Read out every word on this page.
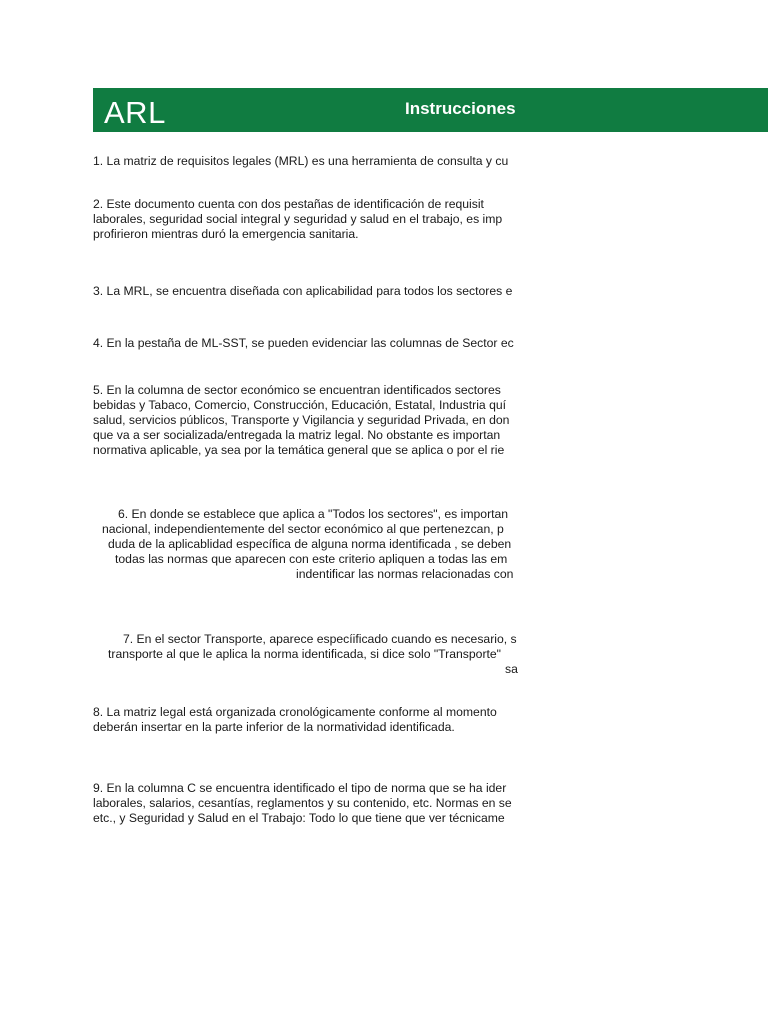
ARL	Instrucciones
1. La matriz de requisitos legales (MRL) es una herramienta de consulta y cu
2. Este documento cuenta con dos pestañas de identificación de requisit
laborales, seguridad social integral y seguridad y salud en el trabajo, es imp
profirieron mientras duró la emergencia sanitaria.
3. La MRL, se encuentra diseñada con aplicabilidad para todos los sectores e
4. En la pestaña de ML-SST, se pueden evidenciar las columnas de Sector ec
5. En la columna de sector económico se encuentran identificados sectores
bebidas y Tabaco, Comercio, Construcción, Educación, Estatal, Industria quí
salud, servicios públicos, Transporte y Vigilancia y seguridad Privada, en don
que va a ser socializada/entregada la matriz legal. No obstante es importan
normativa aplicable, ya sea por la temática general que se aplica o por el rie
6. En donde se establece que aplica a "Todos los sectores", es importan
nacional, independientemente del sector económico al que pertenezcan, p
duda de la aplicablidad específica de alguna norma identificada , se deben
todas las normas que aparecen con este criterio apliquen a todas las em
indentificar las normas relacionadas con
7. En el sector Transporte, aparece especíificado cuando es necesario, s
transporte al que le aplica la norma identificada, si dice solo "Transporte"
sa
8. La matriz legal está organizada cronológicamente conforme al momento
deberán insertar en la parte inferior de la normatividad identificada.
9. En la columna C se encuentra identificado el tipo de norma que se ha ider
laborales, salarios, cesantías, reglamentos y su contenido, etc. Normas en se
etc., y Seguridad y Salud en el Trabajo: Todo lo que tiene que ver técnicame
